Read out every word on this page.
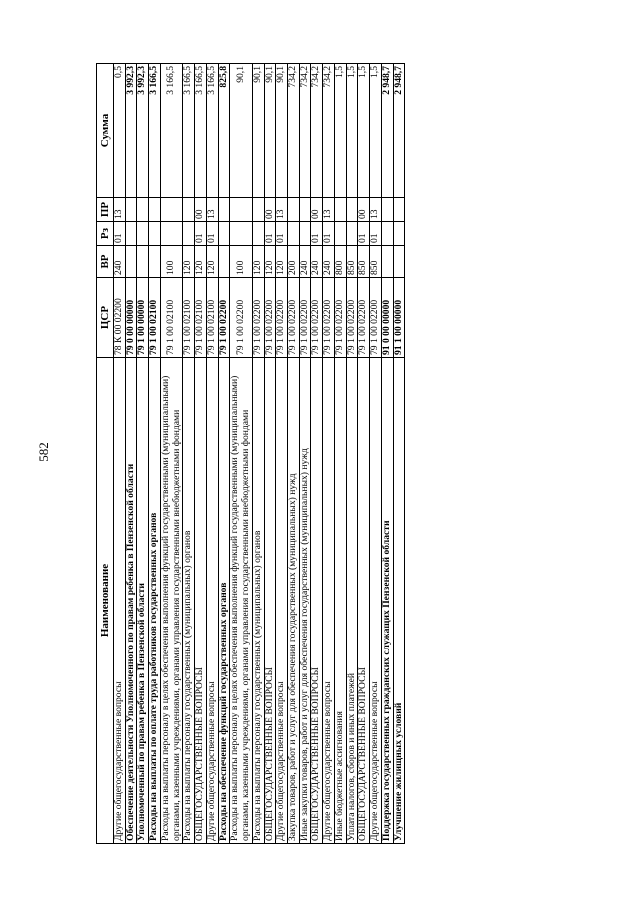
582
Наименование	ЦСР	ВР	Рз	ПР	Сумма
Другие общегосударственные вопросы	78 К 00 02200	240	01	13	0,5
Обеспечение деятельности Уполномоченного по правам ребенка в Пензенской области	79 0 00 00000				3 992,3
Уполномоченный по правам ребенка в Пензенской области	79 1 00 00000				3 992,3
Расходы на выплаты по оплате труда работников государственных органов	79 1 00 02100				3 166,5
Расходы на выплаты персоналу в целях обеспечения выполнения функций государственными (муниципальными) органами, казенными учреждениями, органами управления государственными внебюджетными фондами	79 1 00 02100	100			3 166,5
Расходы на выплаты персоналу государственных (муниципальных) органов	79 1 00 02100	120			3 166,5
ОБЩЕГОСУДАРСТВЕННЫЕ ВОПРОСЫ	79 1 00 02100	120	01	00	3 166,5
Другие общегосударственные вопросы	79 1 00 02100	120	01	13	3 166,5
Расходы на обеспечение функций государственных органов	79 1 00 02200				825,8
Расходы на выплаты персоналу в целях обеспечения выполнения функций государственными (муниципальными) органами, казенными учреждениями, органами управления государственными внебюджетными фондами	79 1 00 02200	100			90,1
Расходы на выплаты персоналу государственных (муниципальных) органов	79 1 00 02200	120			90,1
ОБЩЕГОСУДАРСТВЕННЫЕ ВОПРОСЫ	79 1 00 02200	120	01	00	90,1
Другие общегосударственные вопросы	79 1 00 02200	120	01	13	90,1
Закупка товаров, работ и услуг для обеспечения государственных (муниципальных) нужд	79 1 00 02200	200			734,2
Иные закупки товаров, работ и услуг для обеспечения государственных (муниципальных) нужд	79 1 00 02200	240			734,2
ОБЩЕГОСУДАРСТВЕННЫЕ ВОПРОСЫ	79 1 00 02200	240	01	00	734,2
Другие общегосударственные вопросы	79 1 00 02200	240	01	13	734,2
Иные бюджетные ассигнования	79 1 00 02200	800			1,5
Уплата налогов, сборов и иных платежей	79 1 00 02200	850			1,5
ОБЩЕГОСУДАРСТВЕННЫЕ ВОПРОСЫ	79 1 00 02200	850	01	00	1,5
Другие общегосударственные вопросы	79 1 00 02200	850	01	13	1,5
Поддержка государственных гражданских служащих Пензенской области	91 0 00 00000				2 948,7
Улучшение жилищных условий	91 1 00 00000				2 948,7
